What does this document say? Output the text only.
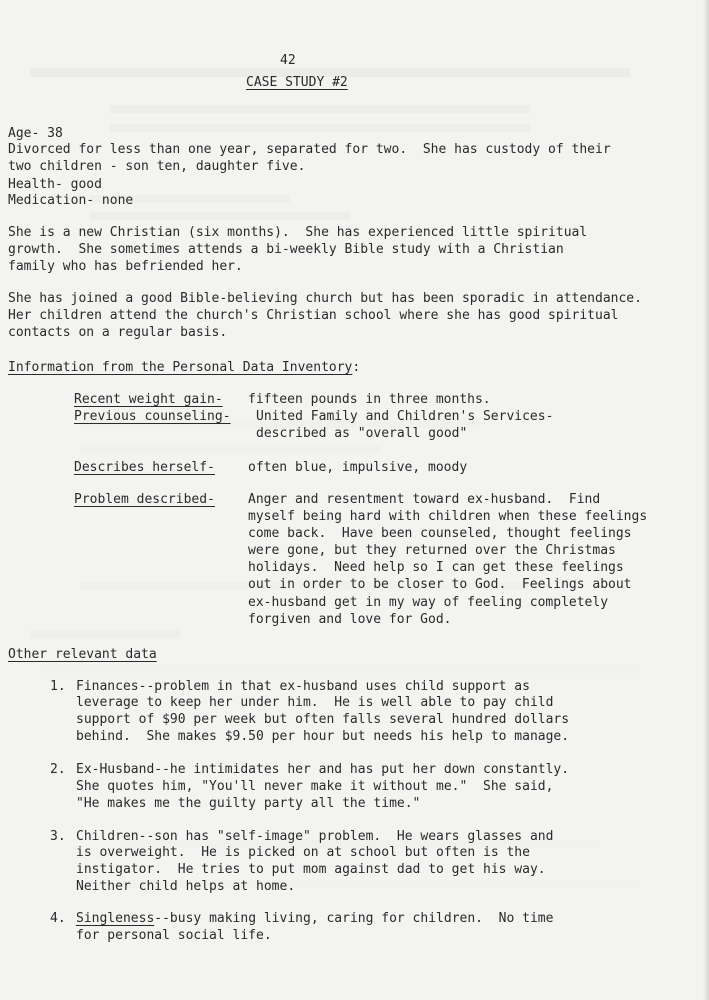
42
CASE STUDY #2
Age- 38
Divorced for less than one year, separated for two.  She has custody of their
two children - son ten, daughter five.
Health- good
Medication- none
She is a new Christian (six months).  She has experienced little spiritual
growth.  She sometimes attends a bi-weekly Bible study with a Christian
family who has befriended her.
She has joined a good Bible-believing church but has been sporadic in attendance.
Her children attend the church's Christian school where she has good spiritual
contacts on a regular basis.
Information from the Personal Data Inventory:
Recent weight gain- fifteen pounds in three months.
Previous counseling- United Family and Children's Services-
described as "overall good"
Describes herself-	often blue, impulsive, moody
Problem described-	Anger and resentment toward ex-husband.  Find
myself being hard with children when these feelings
come back.  Have been counseled, thought feelings
were gone, but they returned over the Christmas
holidays.  Need help so I can get these feelings
out in order to be closer to God.  Feelings about
ex-husband get in my way of feeling completely
forgiven and love for God.
Other relevant data
1. Finances--problem in that ex-husband uses child support as
leverage to keep her under him.  He is well able to pay child
support of $90 per week but often falls several hundred dollars
behind.  She makes $9.50 per hour but needs his help to manage.
2. Ex-Husband--he intimidates her and has put her down constantly.
She quotes him, "You'll never make it without me."  She said,
"He makes me the guilty party all the time."
3. Children--son has "self-image" problem.  He wears glasses and
is overweight.  He is picked on at school but often is the
instigator.  He tries to put mom against dad to get his way.
Neither child helps at home.
4. Singleness--busy making living, caring for children.  No time
for personal social life.
